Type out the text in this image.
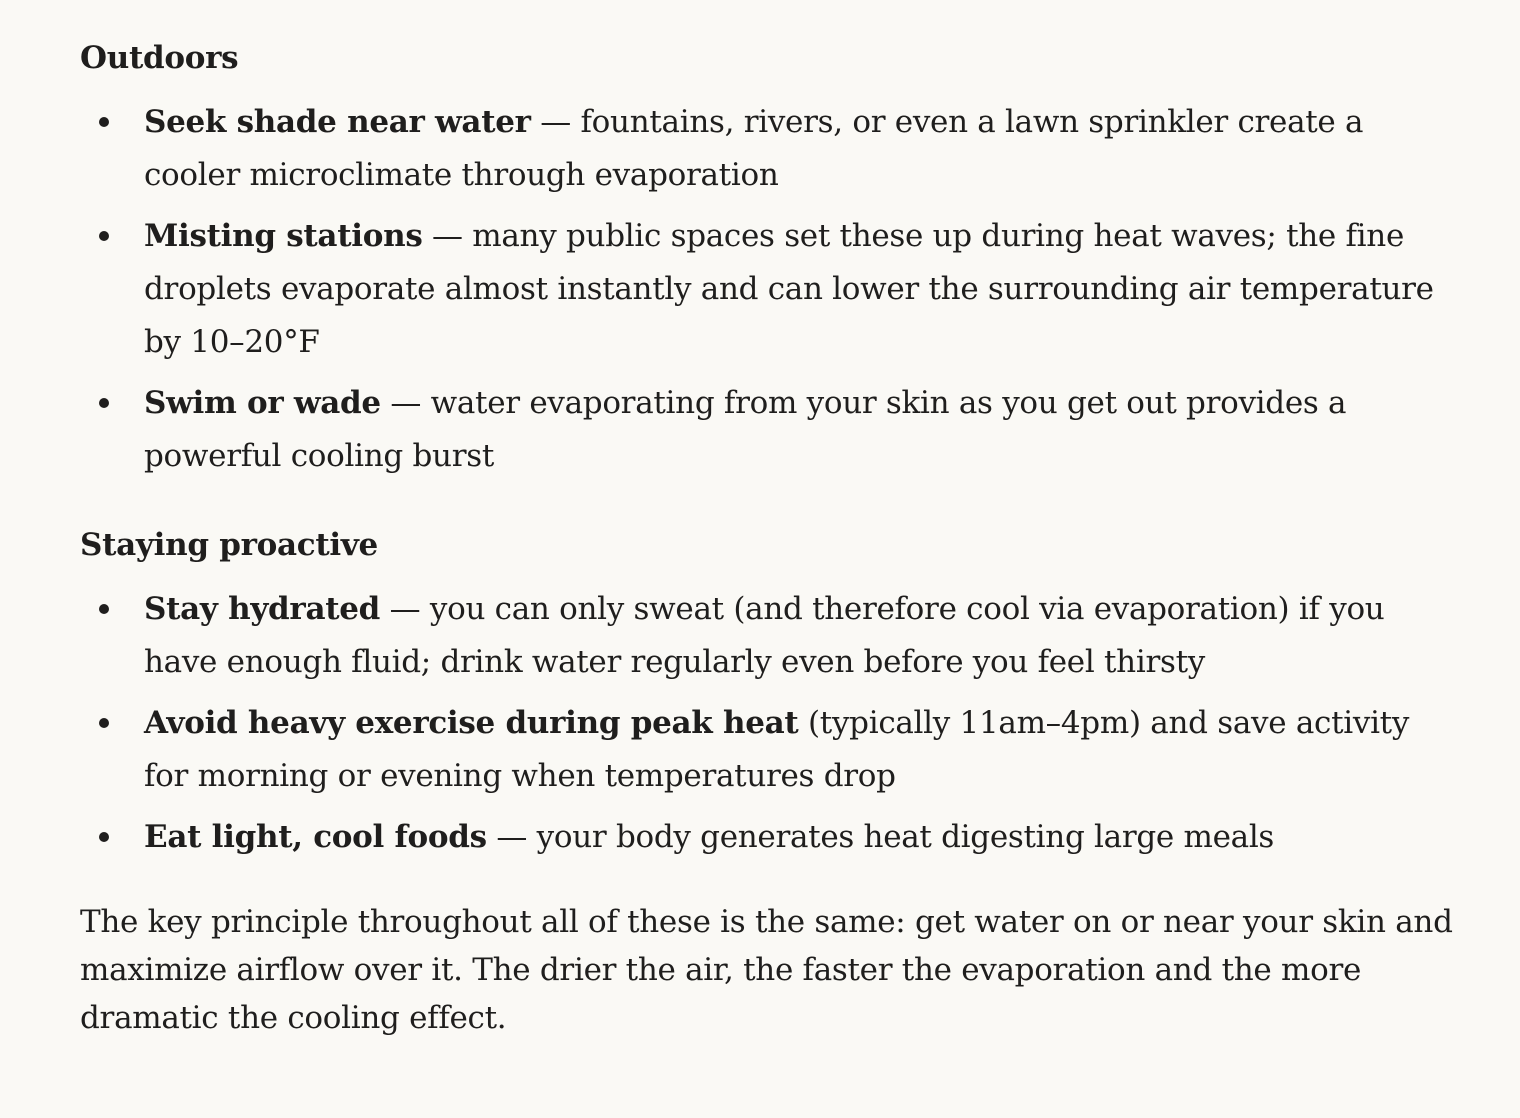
Outdoors
Seek shade near water — fountains, rivers, or even a lawn sprinkler create a cooler microclimate through evaporation
Misting stations — many public spaces set these up during heat waves; the fine droplets evaporate almost instantly and can lower the surrounding air temperature by 10–20°F
Swim or wade — water evaporating from your skin as you get out provides a powerful cooling burst
Staying proactive
Stay hydrated — you can only sweat (and therefore cool via evaporation) if you have enough fluid; drink water regularly even before you feel thirsty
Avoid heavy exercise during peak heat (typically 11am–4pm) and save activity for morning or evening when temperatures drop
Eat light, cool foods — your body generates heat digesting large meals

The key principle throughout all of these is the same: get water on or near your skin and maximize airflow over it. The drier the air, the faster the evaporation and the more dramatic the cooling effect.
